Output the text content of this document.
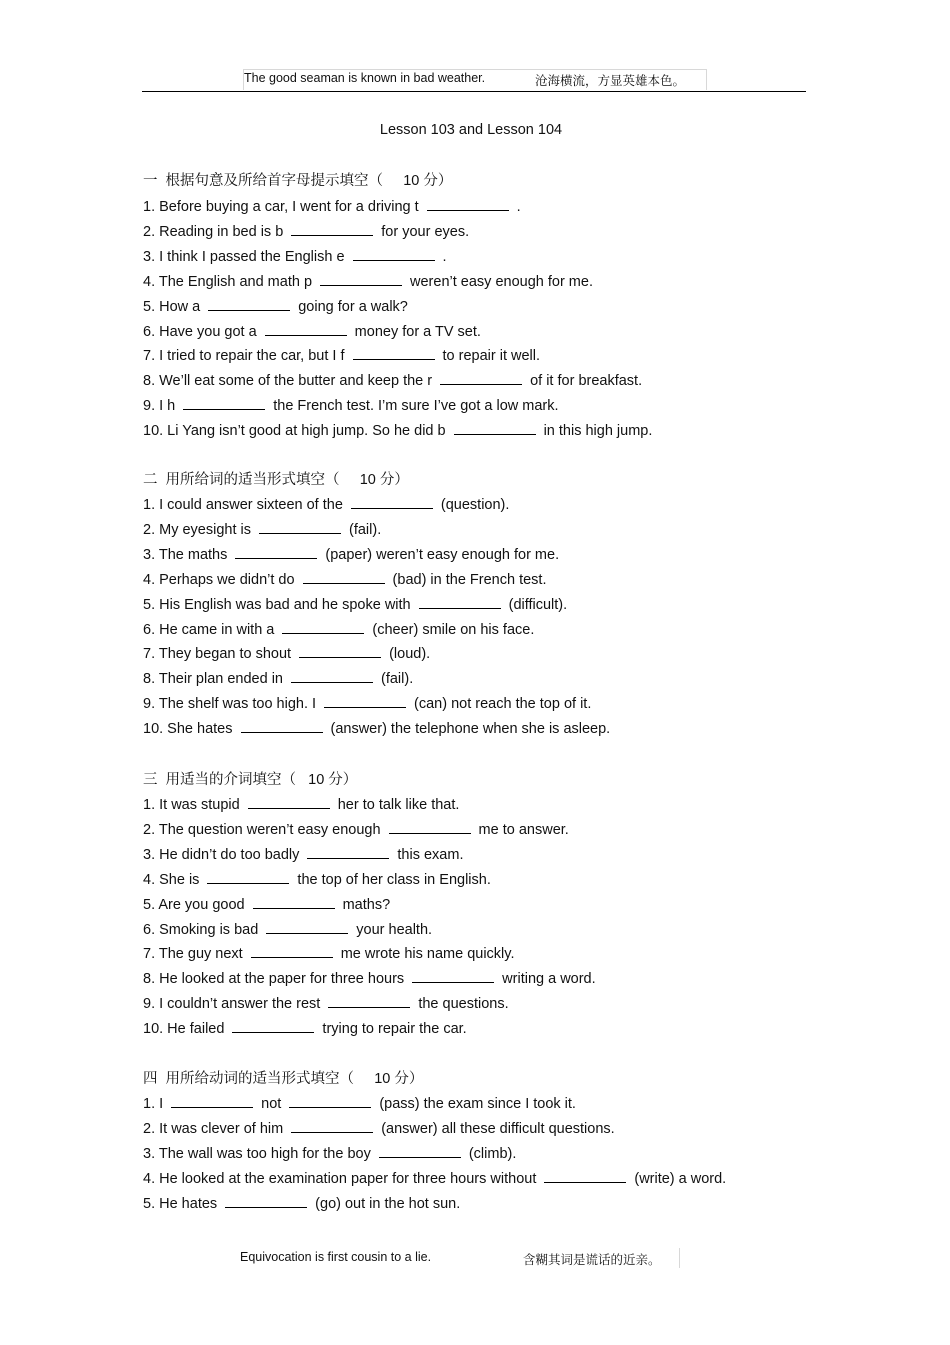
The good seaman is known in bad weather.	沧海横流，方显英雄本色。
Lesson 103 and Lesson 104
一  根据句意及所给首字母提示填空（     10 分）
1. Before buying a car, I went for a driving t	.
2. Reading in bed is b	for your eyes.
3. I think I passed the English e	.
4. The English and math p	weren’t easy enough for me.
5. How a	going for a walk?
6. Have you got a	money for a TV set.
7. I tried to repair the car, but I f	to repair it well.
8. We’ll eat some of the butter and keep the r	of it for breakfast.
9. I h	the French test. I’m sure I’ve got a low mark.
10. Li Yang isn’t good at high jump. So he did b	in this high jump.
二  用所给词的适当形式填空（     10 分）
1. I could answer sixteen of the	(question).
2. My eyesight is	(fail).
3. The maths	(paper) weren’t easy enough for me.
4. Perhaps we didn’t do	(bad) in the French test.
5. His English was bad and he spoke with	(difficult).
6. He came in with a	(cheer) smile on his face.
7. They began to shout	(loud).
8. Their plan ended in	(fail).
9. The shelf was too high. I	(can) not reach the top of it.
10. She hates	(answer) the telephone when she is asleep.
三  用适当的介词填空（   10 分）
1. It was stupid	her to talk like that.
2. The question weren’t easy enough	me to answer.
3. He didn’t do too badly	this exam.
4. She is	the top of her class in English.
5. Are you good	maths?
6. Smoking is bad	your health.
7. The guy next	me wrote his name quickly.
8. He looked at the paper for three hours	writing a word.
9. I couldn’t answer the rest	the questions.
10. He failed	trying to repair the car.
四  用所给动词的适当形式填空（     10 分）
1. I	not	(pass) the exam since I took it.
2. It was clever of him	(answer) all these difficult questions.
3. The wall was too high for the boy	(climb).
4. He looked at the examination paper for three hours without	(write) a word.
5. He hates	(go) out in the hot sun.
Equivocation is first cousin to a lie.	含糊其词是谎话的近亲。
